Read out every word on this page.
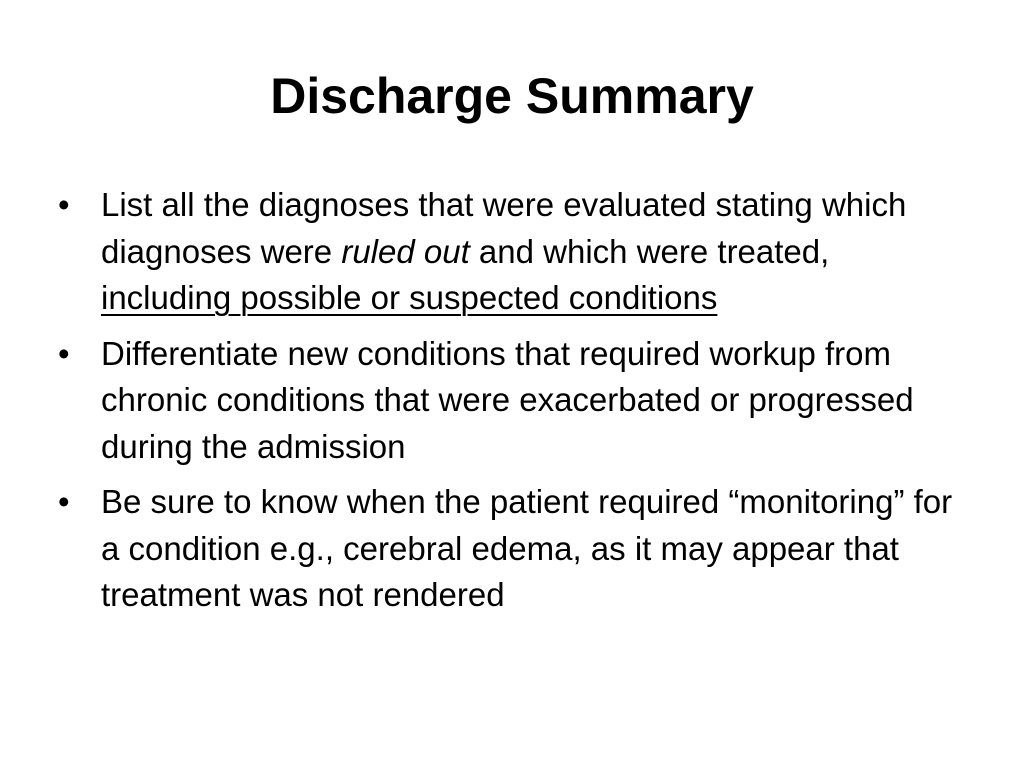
Discharge Summary
• List all the diagnoses that were evaluated stating which diagnoses were ruled out and which were treated, including possible or suspected conditions
• Differentiate new conditions that required workup from chronic conditions that were exacerbated or progressed during the admission
• Be sure to know when the patient required “monitoring” for a condition e.g., cerebral edema, as it may appear that treatment was not rendered
